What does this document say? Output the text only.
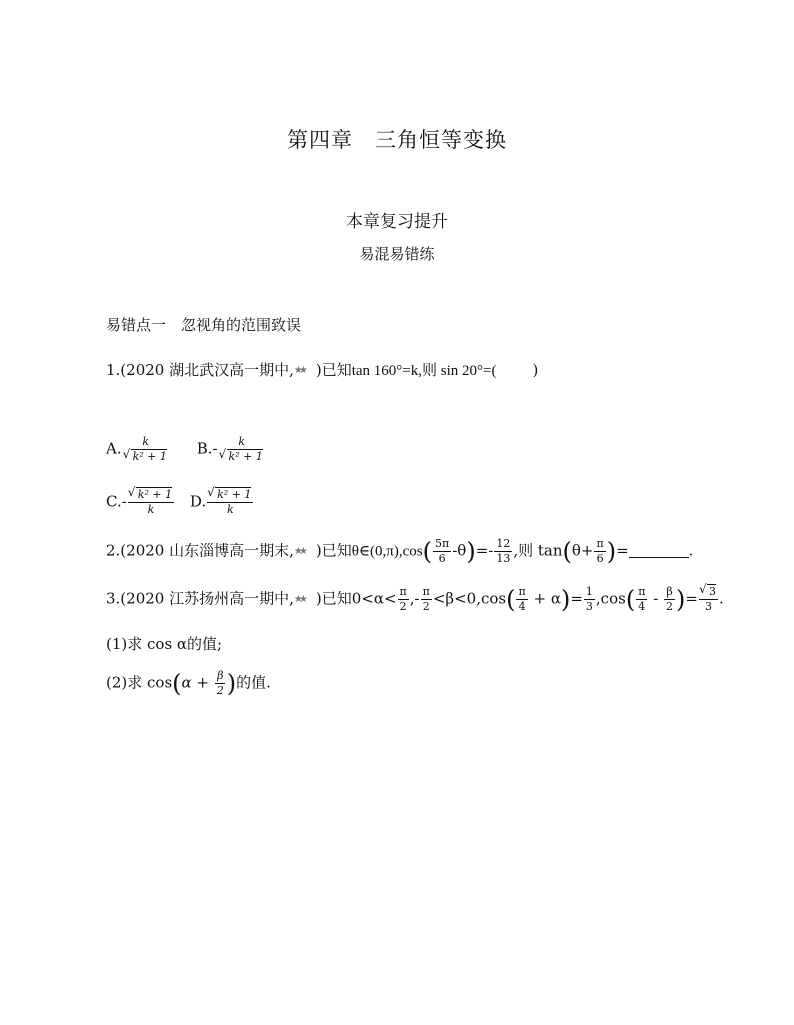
第四章　三角恒等变换
本章复习提升
易混易错练
易错点一　忽视角的范围致误
1.(2020 湖北武汉高一期中, ★★ )已知tan 160°=k,则 sin 20°=( )
A. k
√ k² + 1 B.- k
√ k² + 1
C.- √ $\frac{\text{k² + 1}}{k} D$. √ $\frac{\text{k² + 1}}{k}$
2.(2020 山东淄博高一期末, ★★ )已知θ∈(0,π),cos( $\frac{5\pi}{6} -\theta)=- \frac{12}{13}$ ,则 $\tan(\theta+ \frac{\pi}{6}$ )=	.
3.(2020 江苏扬州高一期中, ★★ )已知$0<\alpha< \frac{\pi}{2}$ ,- $\frac{\pi}{2} <\beta<0,\cos( \frac{\pi}{4} + \alpha)= \frac{1}{3} ,\cos( \frac{\pi}{4} - \frac{\beta}{2}$ )= √ $\frac{3}{3}$ .
(1)求 cos α的值;
(2)求 $\cos(\alpha + \frac{\beta}{2}$ )的值.
